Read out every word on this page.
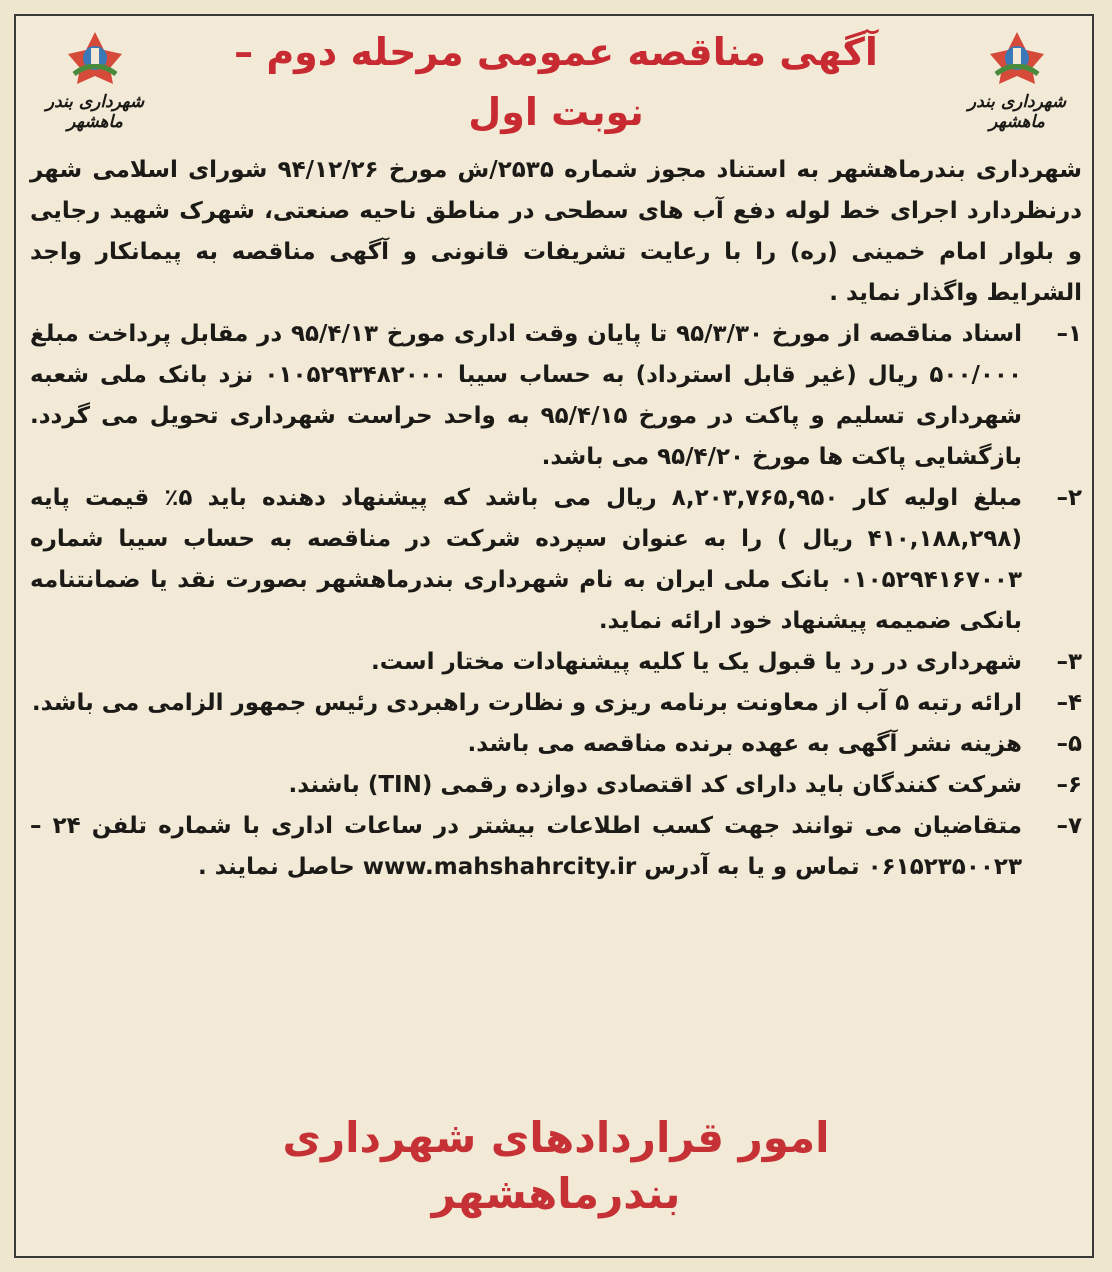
شهرداری بندر ماهشهر
شهرداری بندر ماهشهر
آگهی مناقصه عمومی مرحله دوم –نوبت اول

شهرداری بندرماهشهر به استناد مجوز شماره ۲۵۳۵/ش مورخ ۹۴/۱۲/۲۶ شورای اسلامی شهر درنظردارد اجرای خط لوله دفع آب های سطحی در مناطق ناحیه صنعتی، شهرک شهید رجایی و بلوار امام خمینی (ره) را با رعایت تشریفات قانونی و آگهی مناقصه به پیمانکار واجد الشرایط واگذار نماید .

۱–
اسناد مناقصه از مورخ ۹۵/۳/۳۰ تا پایان وقت اداری مورخ ۹۵/۴/۱۳ در مقابل پرداخت مبلغ ۵۰۰/۰۰۰ ریال (غیر قابل استرداد) به حساب سیبا ۰۱۰۵۲۹۳۴۸۲۰۰۰ نزد بانک ملی شعبه شهرداری تسلیم و پاکت در مورخ ۹۵/۴/۱۵ به واحد حراست شهرداری تحویل می گردد. بازگشایی پاکت ها مورخ ۹۵/۴/۲۰ می باشد.
۲–
مبلغ اولیه کار ۸,۲۰۳,۷۶۵,۹۵۰ ریال می باشد که پیشنهاد دهنده باید ۵٪ قیمت پایه (۴۱۰,۱۸۸,۲۹۸ ریال ) را به عنوان سپرده شرکت در مناقصه به حساب سیبا شماره ۰۱۰۵۲۹۴۱۶۷۰۰۳ بانک ملی ایران به نام شهرداری بندرماهشهر بصورت نقد یا ضمانتنامه بانکی ضمیمه پیشنهاد خود ارائه نماید.
۳–
شهرداری در رد یا قبول یک یا کلیه پیشنهادات مختار است.
۴–
ارائه رتبه ۵ آب از معاونت برنامه ریزی و نظارت راهبردی رئیس جمهور الزامی می باشد.
۵–
هزینه نشر آگهی به عهده برنده مناقصه می باشد.
۶–
شرکت کنندگان باید دارای کد اقتصادی دوازده رقمی (TIN) باشند.
۷–
متقاضیان می توانند جهت کسب اطلاعات بیشتر در ساعات اداری با شماره تلفن ۲۴ – ۰۶۱۵۲۳۵۰۰۲۳ تماس و یا به آدرس www.mahshahrcity.ir حاصل نمایند .
امور قراردادهای شهرداری بندرماهشهر
